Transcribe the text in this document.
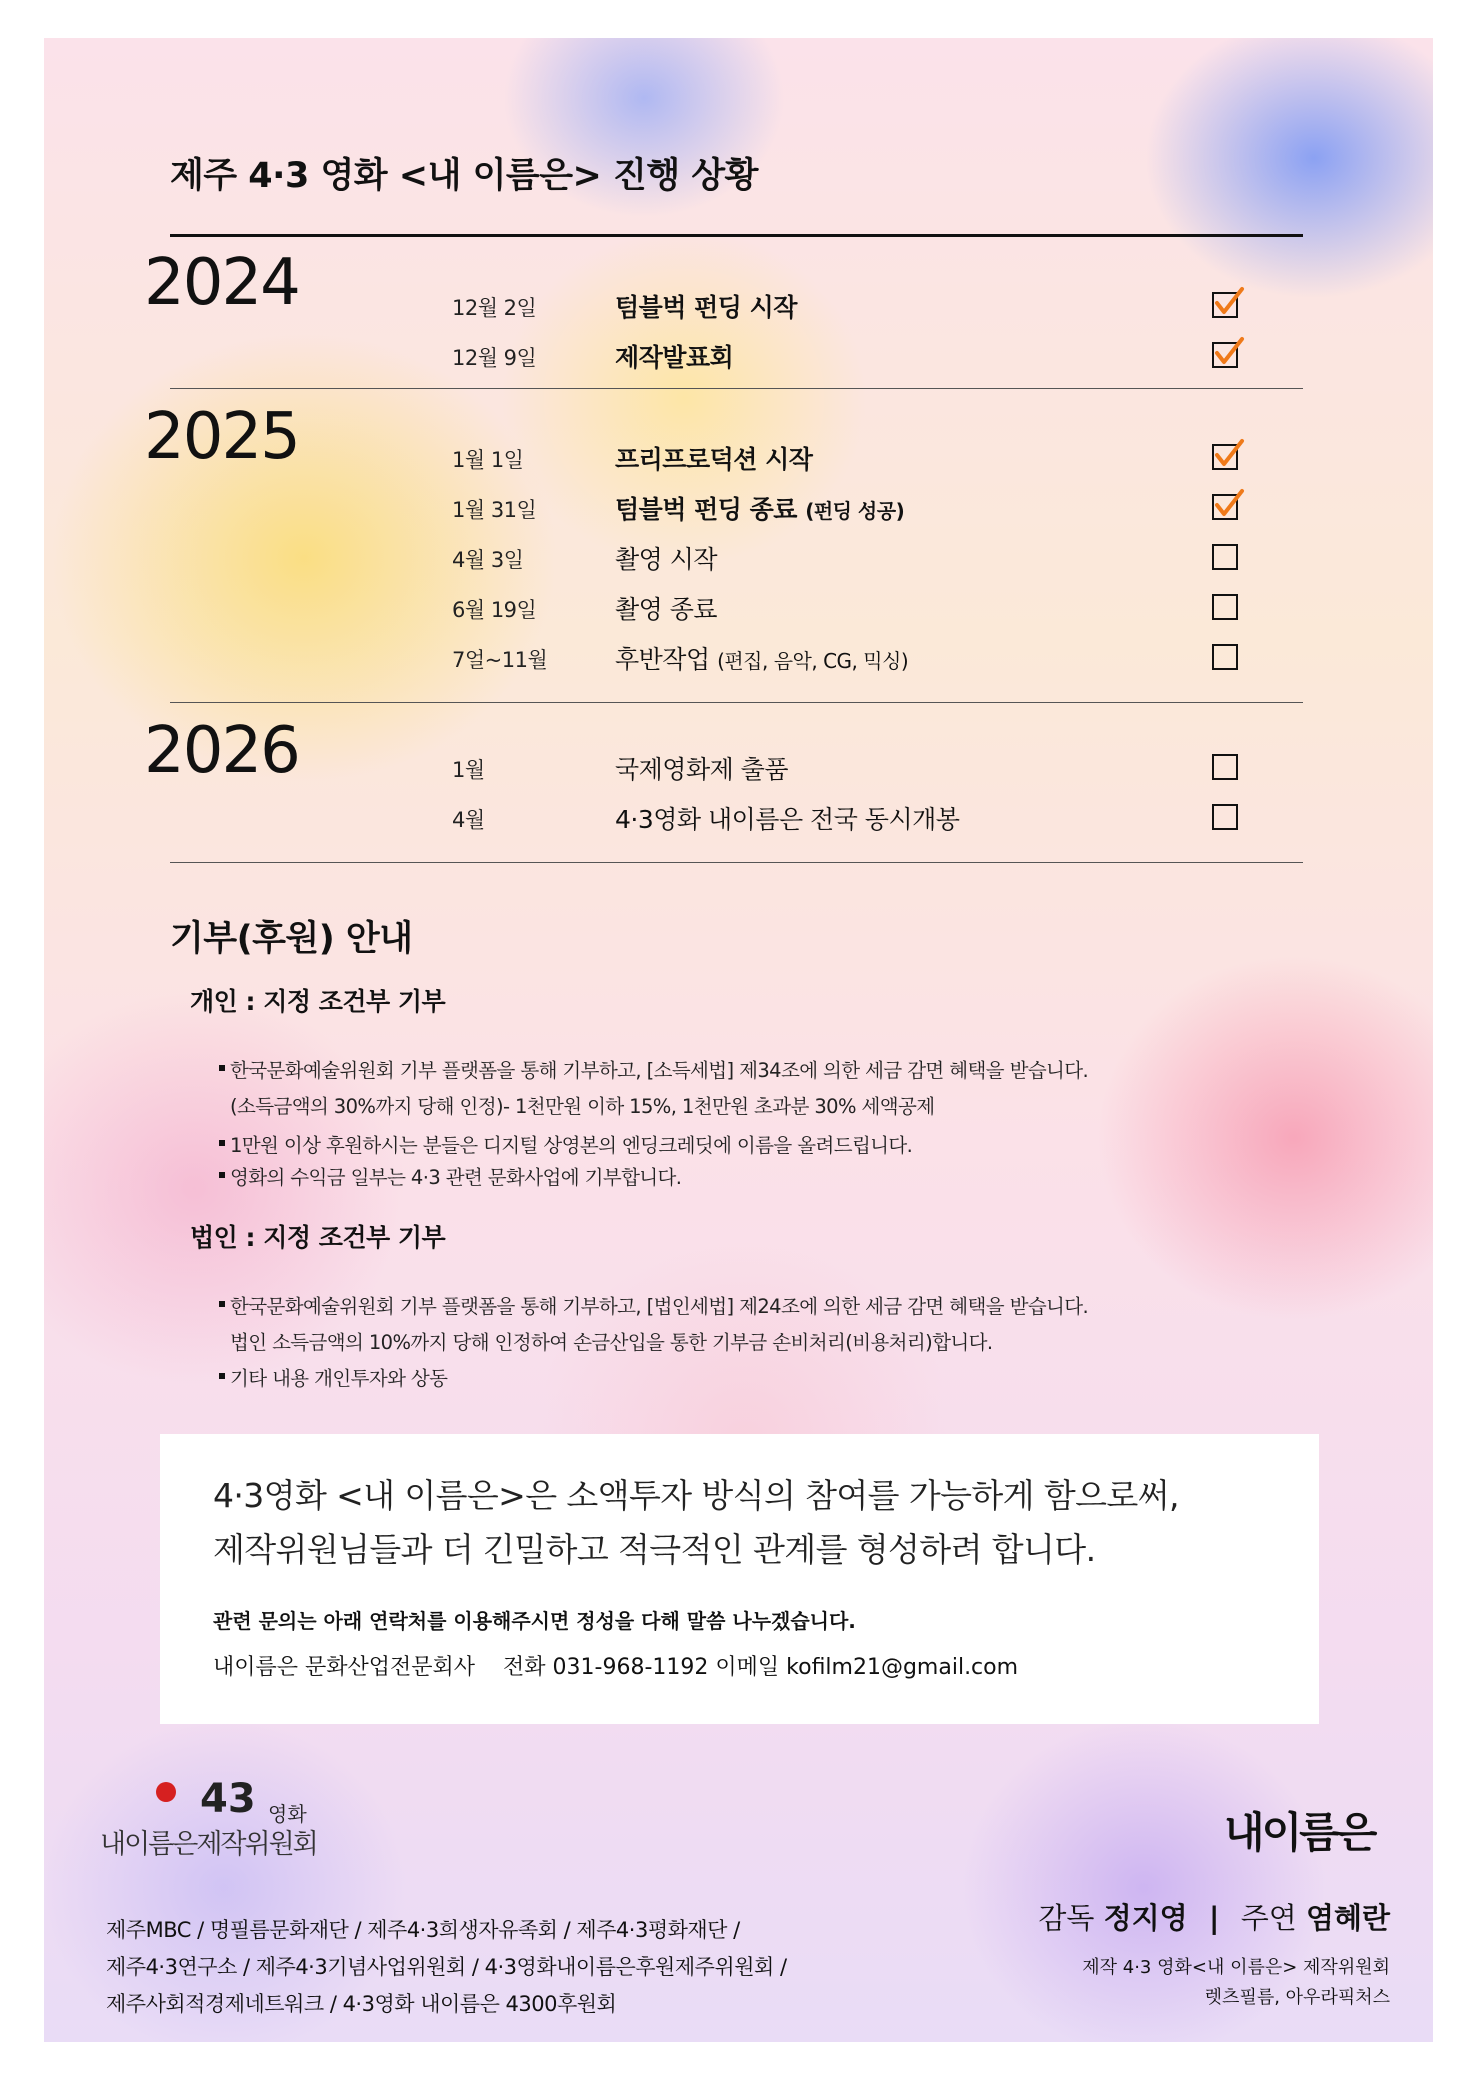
제주 4·3 영화 <내 이름은> 진행 상황
2024	12월 2일	텀블벅 펀딩 시작
12월 9일	제작발표회
2025	1월 1일	프리프로덕션 시작
1월 31일	텀블벅 펀딩 종료 (펀딩 성공)
4월 3일	촬영 시작
6월 19일	촬영 종료
7얼~11월	후반작업 (편집, 음악, CG, 믹싱)
2026	1월	국제영화제 출품
4월	4·3영화 내이름은 전국 동시개봉
기부(후원) 안내
개인 : 지정 조건부 기부
한국문화예술위원회 기부 플랫폼을 통해 기부하고, [소득세법] 제34조에 의한 세금 감면 혜택을 받습니다.
(소득금액의 30%까지 당해 인정)- 1천만원 이하 15%, 1천만원 초과분 30% 세액공제
1만원 이상 후원하시는 분들은 디지털 상영본의 엔딩크레딧에 이름을 올려드립니다.
영화의 수익금 일부는 4·3 관련 문화사업에 기부합니다.
법인 : 지정 조건부 기부
한국문화예술위원회 기부 플랫폼을 통해 기부하고, [법인세법] 제24조에 의한 세금 감면 혜택을 받습니다.
법인 소득금액의 10%까지 당해 인정하여 손금산입을 통한 기부금 손비처리(비용처리)합니다.
기타 내용 개인투자와 상동
4·3영화 <내 이름은>은 소액투자 방식의 참여를 가능하게 함으로써,
제작위원님들과 더 긴밀하고 적극적인 관계를 형성하려 합니다.
관련 문의는 아래 연락처를 이용해주시면 정성을 다해 말씀 나누겠습니다.
내이름은 문화산업전문회사 전화 031-968-1192 이메일 kofilm21@gmail.com
43 영화
내이름은제작위원회	내이름은
제주MBC / 명필름문화재단 / 제주4·3희생자유족회 / 제주4·3평화재단 /
제주4·3연구소 / 제주4·3기념사업위원회 / 4·3영화내이름은후원제주위원회 /
제주사회적경제네트워크 / 4·3영화 내이름은 4300후원회
감독 정지영 | 주연 염혜란
제작 4·3 영화<내 이름은> 제작위원회
렛츠필름, 아우라픽처스
